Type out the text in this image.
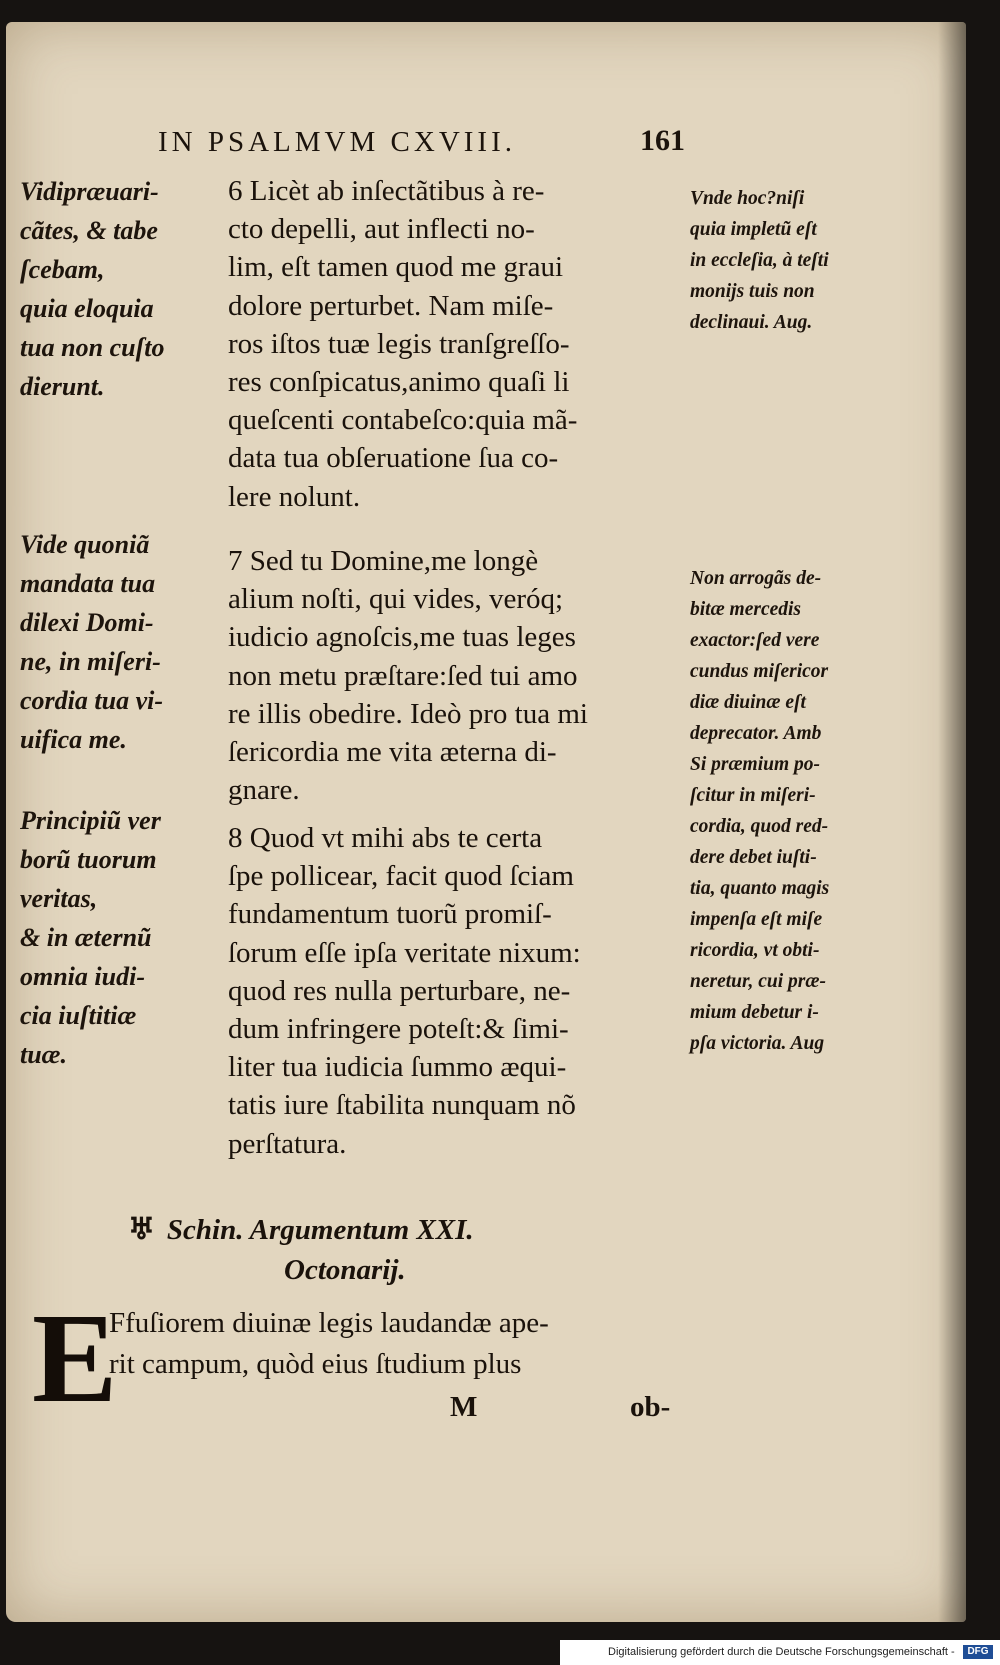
IN PSALMVM CXVIII.	161
Vidipræuari-
cãtes, & tabe
ſcebam,
quia eloquia
tua non cuſto
dierunt.
Vide quoniã
mandata tua
dilexi Domi-
ne, in miſeri-
cordia tua vi-
uifica me.
Principiũ ver
borũ tuorum
veritas,
& in æternũ
omnia iudi-
cia iuſtitiæ
tuæ.
6 Licèt ab inſectãtibus à re-
cto depelli, aut inflecti no-
lim, eſt tamen quod me graui
dolore perturbet. Nam miſe-
ros iſtos tuæ legis tranſgreſſo-
res conſpicatus,animo quaſi li
queſcenti contabeſco:quia mã-
data tua obſeruatione ſua co-
lere nolunt.
7 Sed tu Domine,me longè
alium noſti, qui vides, veróq;
iudicio agnoſcis,me tuas leges
non metu præſtare:ſed tui amo
re illis obedire. Ideò pro tua mi
ſericordia me vita æterna di-
gnare.
8 Quod vt mihi abs te certa
ſpe pollicear, facit quod ſciam
fundamentum tuorũ promiſ-
ſorum eſſe ipſa veritate nixum:
quod res nulla perturbare, ne-
dum infringere poteſt:& ſimi-
liter tua iudicia ſummo æqui-
tatis iure ſtabilita nunquam nõ
perſtatura.
Vnde hoc?niſi
quia impletũ eſt
in eccleſia, à teſti
monijs tuis non
declinaui. Aug.
Non arrogãs de-
bitæ mercedis
exactor:ſed vere
cundus miſericor
diæ diuinæ eſt
deprecator. Amb
Si præmium po-
ſcitur in miſeri-
cordia, quod red-
dere debet iuſti-
tia, quanto magis
impenſa eſt miſe
ricordia, vt obti-
neretur, cui præ-
mium debetur i-
pſa victoria. Aug
♅ Schin. Argumentum XXI.
Octonarij.
E
Ffuſiorem diuinæ legis laudandæ ape-
rit campum, quòd eius ſtudium plus
M	ob-
Digitalisierung gefördert durch die Deutsche Forschungsgemeinschaft -	DFG
